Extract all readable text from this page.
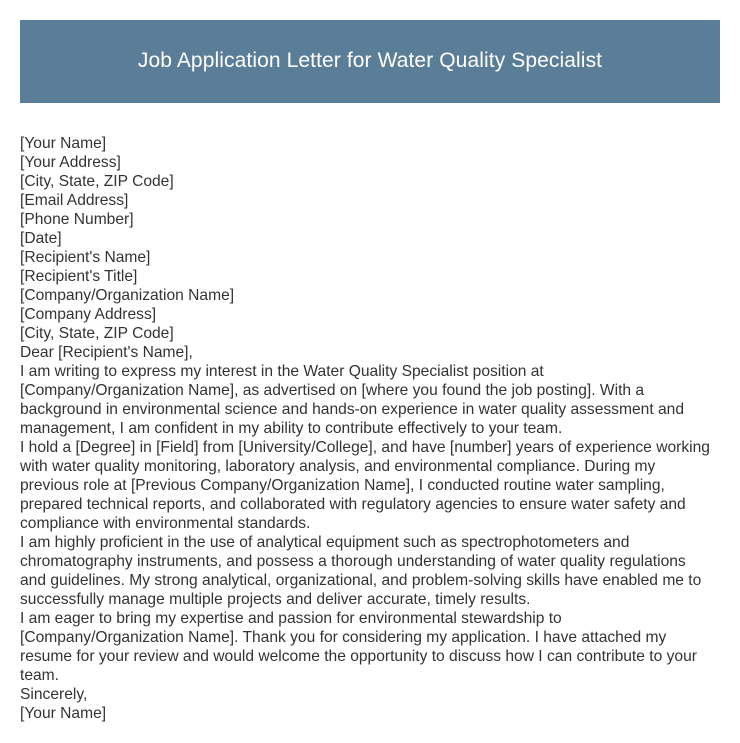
Job Application Letter for Water Quality Specialist
[Your Name]
[Your Address]
[City, State, ZIP Code]
[Email Address]
[Phone Number]
[Date]
[Recipient's Name]
[Recipient's Title]
[Company/Organization Name]
[Company Address]
[City, State, ZIP Code]
Dear [Recipient's Name],

I am writing to express my interest in the Water Quality Specialist position at
[Company/Organization Name], as advertised on [where you found the job posting]. With a
background in environmental science and hands-on experience in water quality assessment and
management, I am confident in my ability to contribute effectively to your team.

I hold a [Degree] in [Field] from [University/College], and have [number] years of experience working
with water quality monitoring, laboratory analysis, and environmental compliance. During my
previous role at [Previous Company/Organization Name], I conducted routine water sampling,
prepared technical reports, and collaborated with regulatory agencies to ensure water safety and
compliance with environmental standards.

I am highly proficient in the use of analytical equipment such as spectrophotometers and
chromatography instruments, and possess a thorough understanding of water quality regulations
and guidelines. My strong analytical, organizational, and problem-solving skills have enabled me to
successfully manage multiple projects and deliver accurate, timely results.

I am eager to bring my expertise and passion for environmental stewardship to
[Company/Organization Name]. Thank you for considering my application. I have attached my
resume for your review and would welcome the opportunity to discuss how I can contribute to your
team.

Sincerely,
[Your Name]
